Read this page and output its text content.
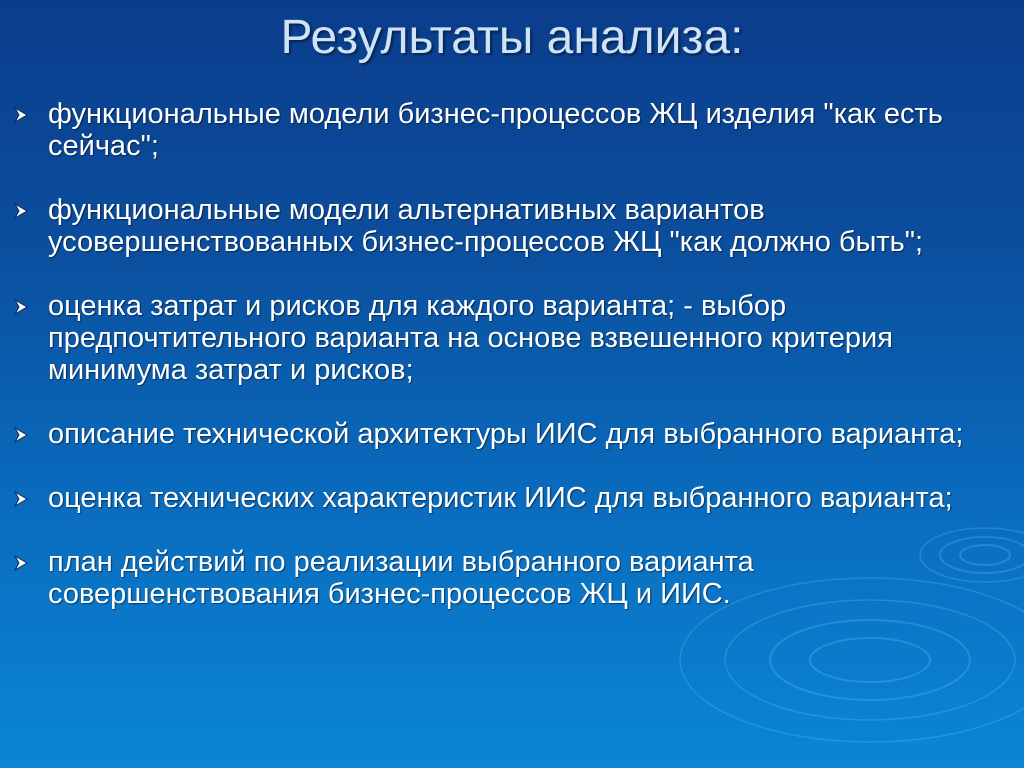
Результаты анализа:
функциональные модели бизнес-процессов ЖЦ изделия "как есть сейчас";
функциональные модели альтернативных вариантов усовершенствованных бизнес-процессов ЖЦ "как должно быть";
оценка затрат и рисков для каждого варианта; - выбор предпочтительного варианта на основе взвешенного критерия минимума затрат и рисков;
описание технической архитектуры ИИС для выбранного варианта;
оценка технических характеристик ИИС для выбранного варианта;
план действий по реализации выбранного варианта совершенствования бизнес-процессов ЖЦ и ИИС.
